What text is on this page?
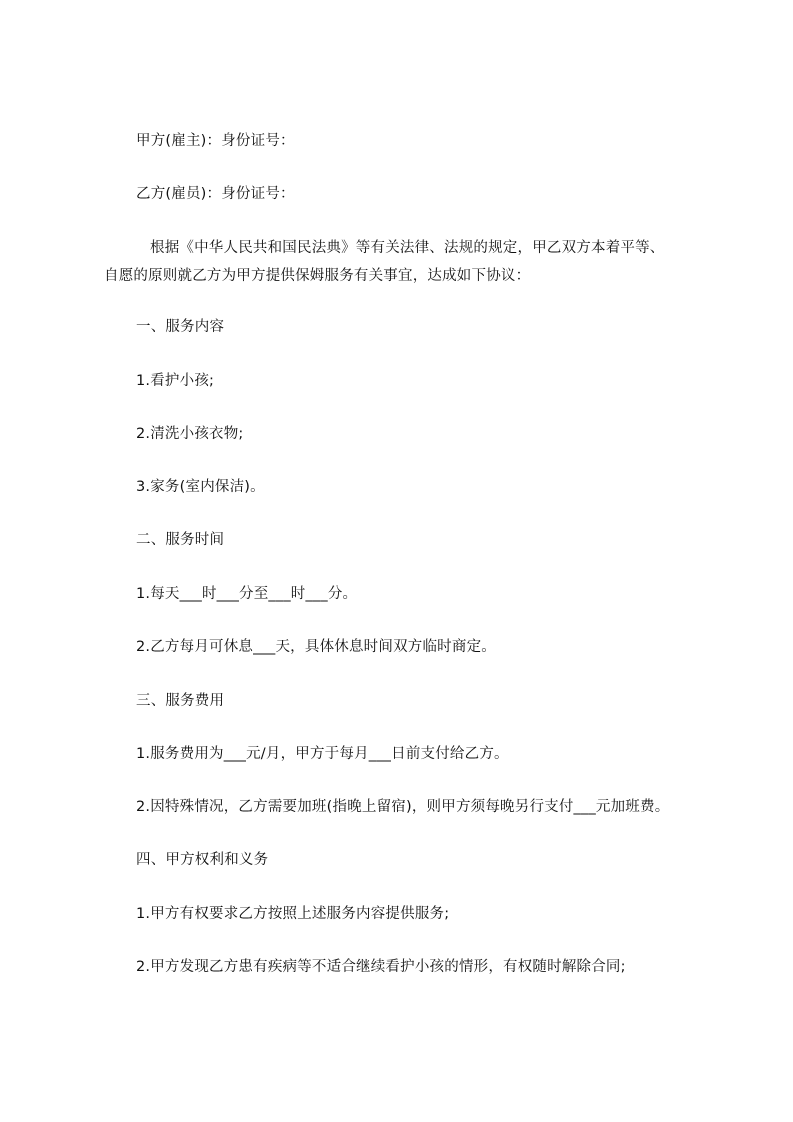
甲方(雇主)：身份证号：
乙方(雇员)：身份证号：
根据《中华人民共和国民法典》等有关法律、法规的规定，甲乙双方本着平等、
自愿的原则就乙方为甲方提供保姆服务有关事宜，达成如下协议：
一、服务内容
1.看护小孩;
2.清洗小孩衣物;
3.家务(室内保洁)。
二、服务时间
1.每天___时___分至___时___分。
2.乙方每月可休息___天，具体休息时间双方临时商定。
三、服务费用
1.服务费用为___元/月，甲方于每月___日前支付给乙方。
2.因特殊情况，乙方需要加班(指晚上留宿)，则甲方须每晚另行支付___元加班费。
四、甲方权利和义务
1.甲方有权要求乙方按照上述服务内容提供服务;
2.甲方发现乙方患有疾病等不适合继续看护小孩的情形，有权随时解除合同;
